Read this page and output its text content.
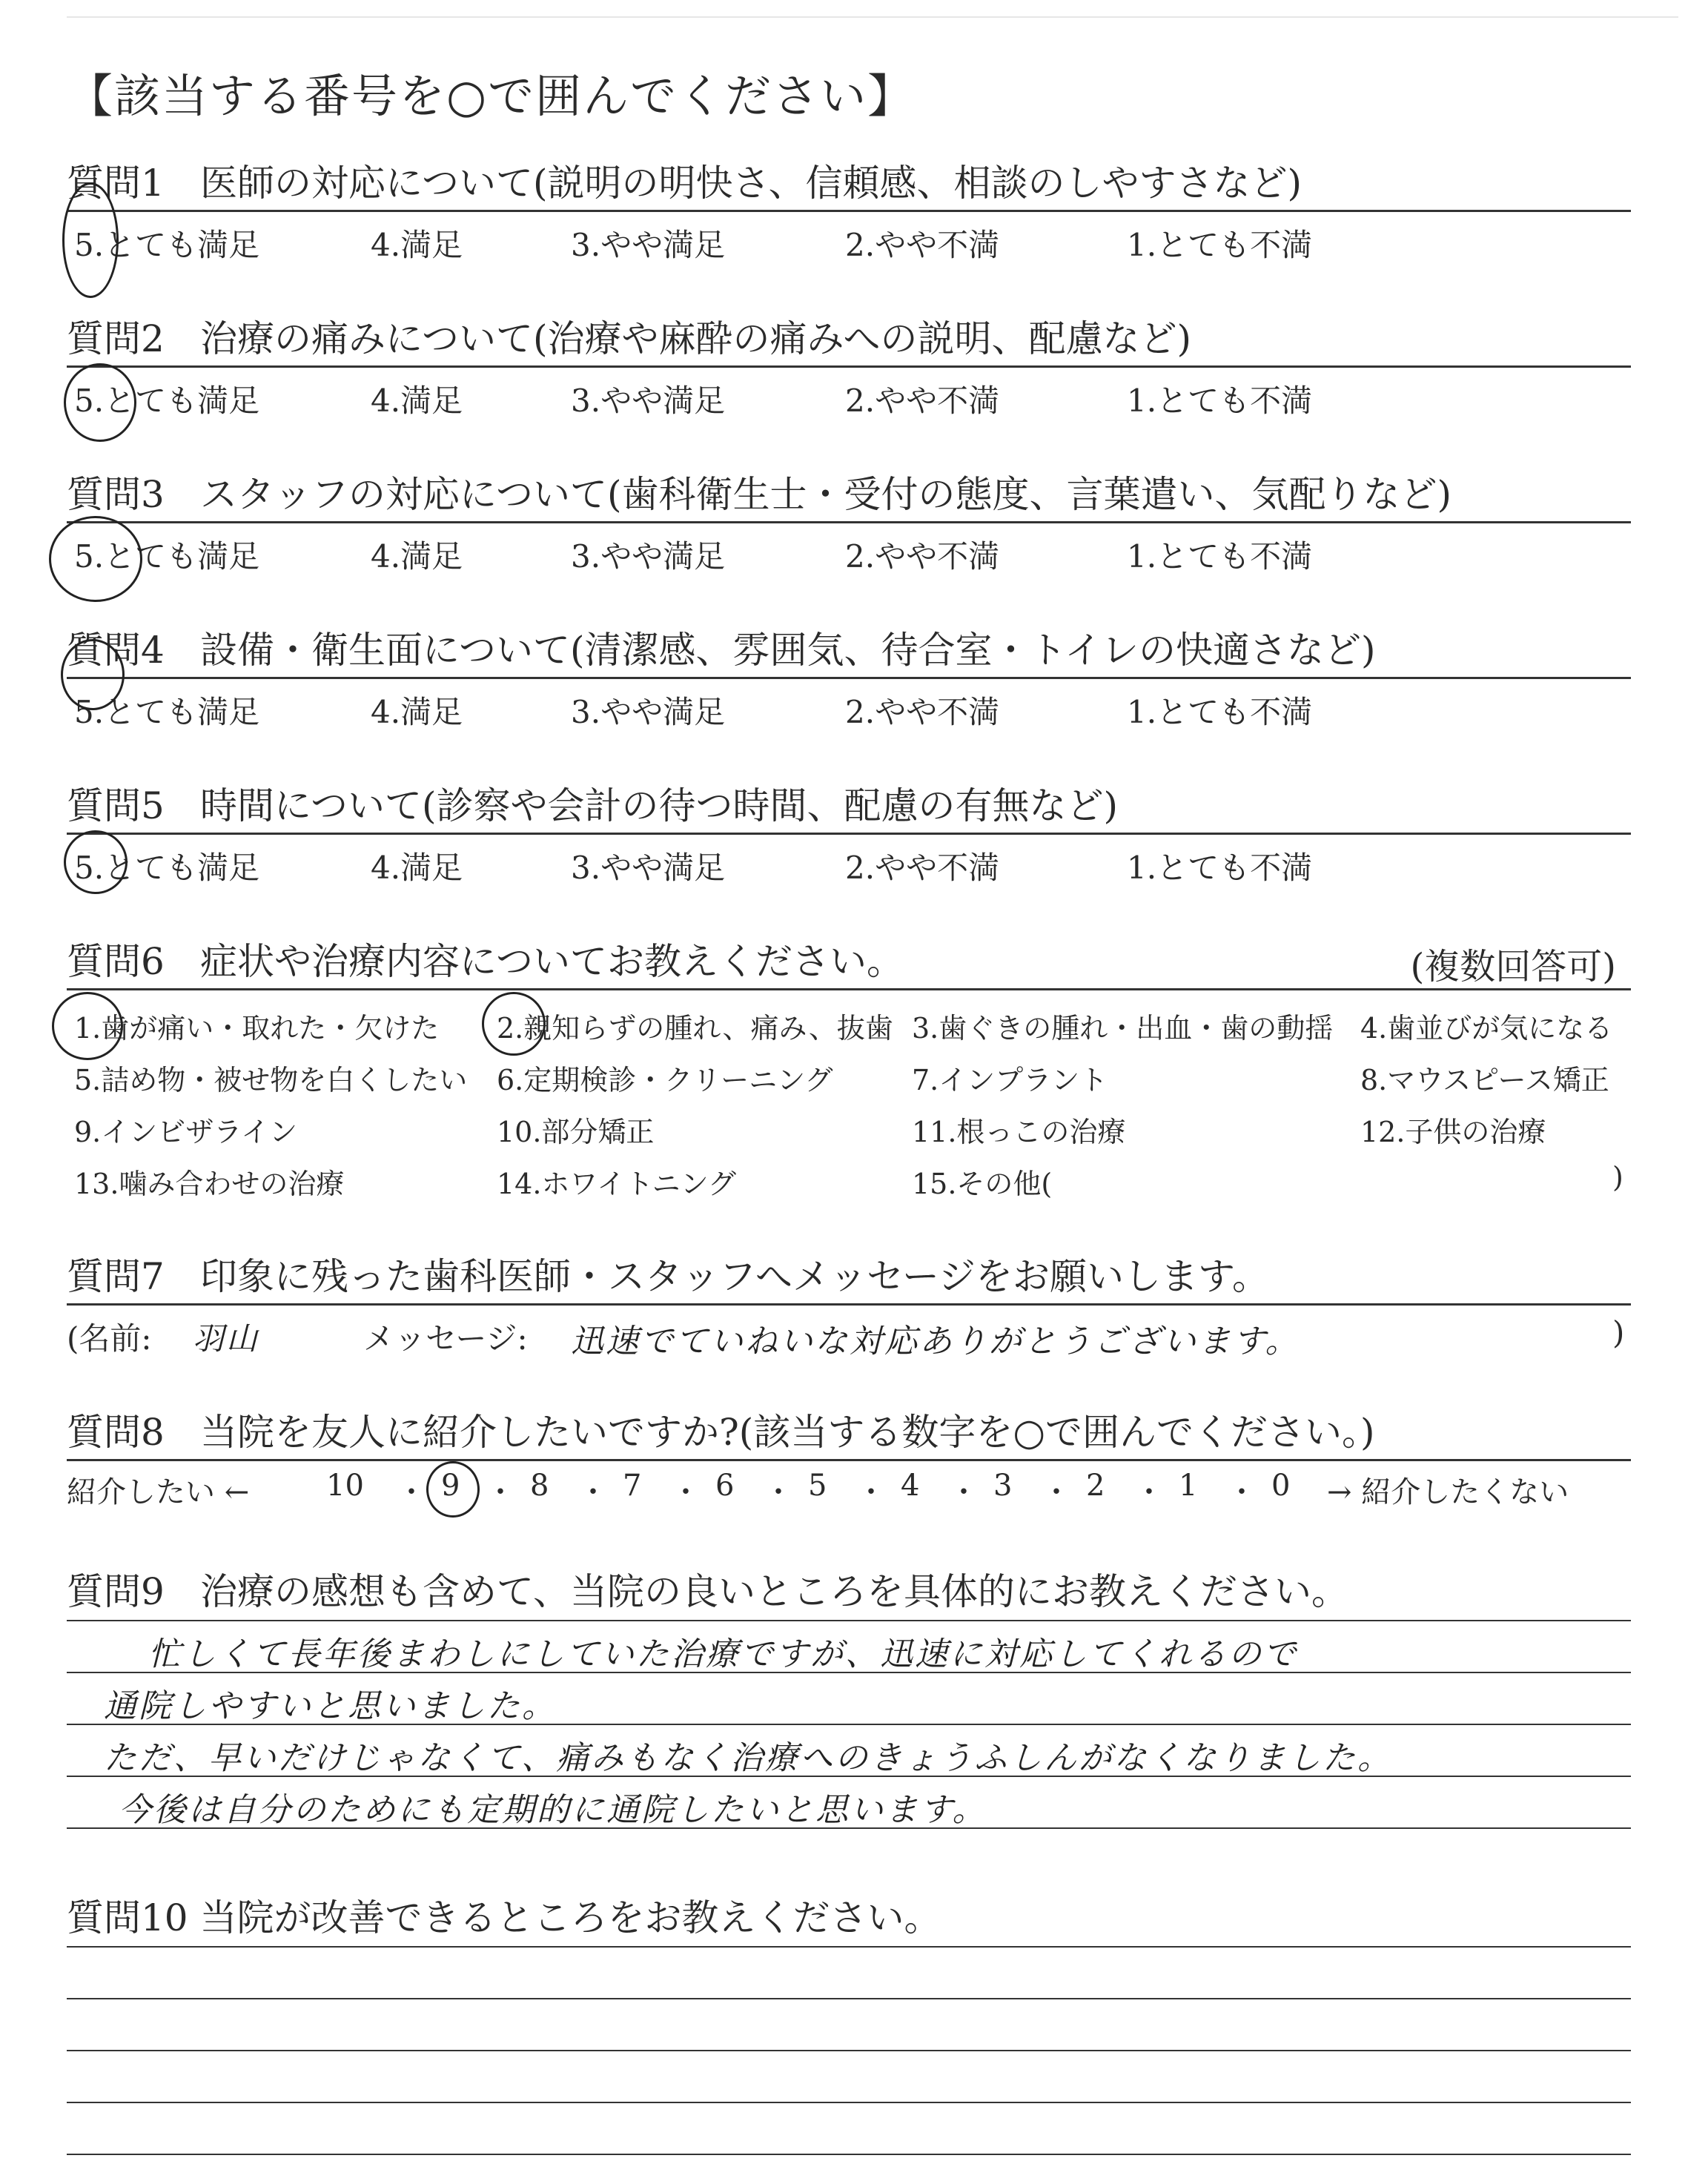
【該当する番号を○で囲んでください】
質問1 医師の対応について(説明の明快さ、信頼感、相談のしやすさなど)
5.とても満足	4.満足	3.やや満足	2.やや不満	1.とても不満
質問2 治療の痛みについて(治療や麻酔の痛みへの説明、配慮など)
5.とても満足	4.満足	3.やや満足	2.やや不満	1.とても不満
質問3 スタッフの対応について(歯科衛生士・受付の態度、言葉遣い、気配りなど)
5.とても満足	4.満足	3.やや満足	2.やや不満	1.とても不満
質問4 設備・衛生面について(清潔感、雰囲気、待合室・トイレの快適さなど)
5.とても満足	4.満足	3.やや満足	2.やや不満	1.とても不満
質問5 時間について(診察や会計の待つ時間、配慮の有無など)
5.とても満足	4.満足	3.やや満足	2.やや不満	1.とても不満
質問6 症状や治療内容についてお教えください。	(複数回答可)
1.歯が痛い・取れた・欠けた 2.親知らずの腫れ、痛み、抜歯 3.歯ぐきの腫れ・出血・歯の動揺 4.歯並びが気になる
5.詰め物・被せ物を白くしたい 6.定期検診・クリーニング	7.インプラント	8.マウスピース矯正
9.インビザライン	10.部分矯正	11.根っこの治療	12.子供の治療
13.噛み合わせの治療	14.ホワイトニング	15.その他(	)
質問7 印象に残った歯科医師・スタッフへメッセージをお願いします。
(名前: 羽山	メッセージ: 迅速でていねいな対応ありがとうございます。	)
質問8 当院を友人に紹介したいですか?(該当する数字を○で囲んでください。)
紹介したい ←	10 ・ 9 ・ 8 ・ 7 ・ 6 ・ 5 ・ 4 ・ 3 ・ 2 ・ 1 ・ 0 → 紹介したくない
質問9 治療の感想も含めて、当院の良いところを具体的にお教えください。
忙しくて長年後まわしにしていた治療ですが、迅速に対応してくれるので
通院しやすいと思いました。
ただ、早いだけじゃなくて、痛みもなく治療へのきょうふしんがなくなりました。
今後は自分のためにも定期的に通院したいと思います。
質問10 当院が改善できるところをお教えください。
